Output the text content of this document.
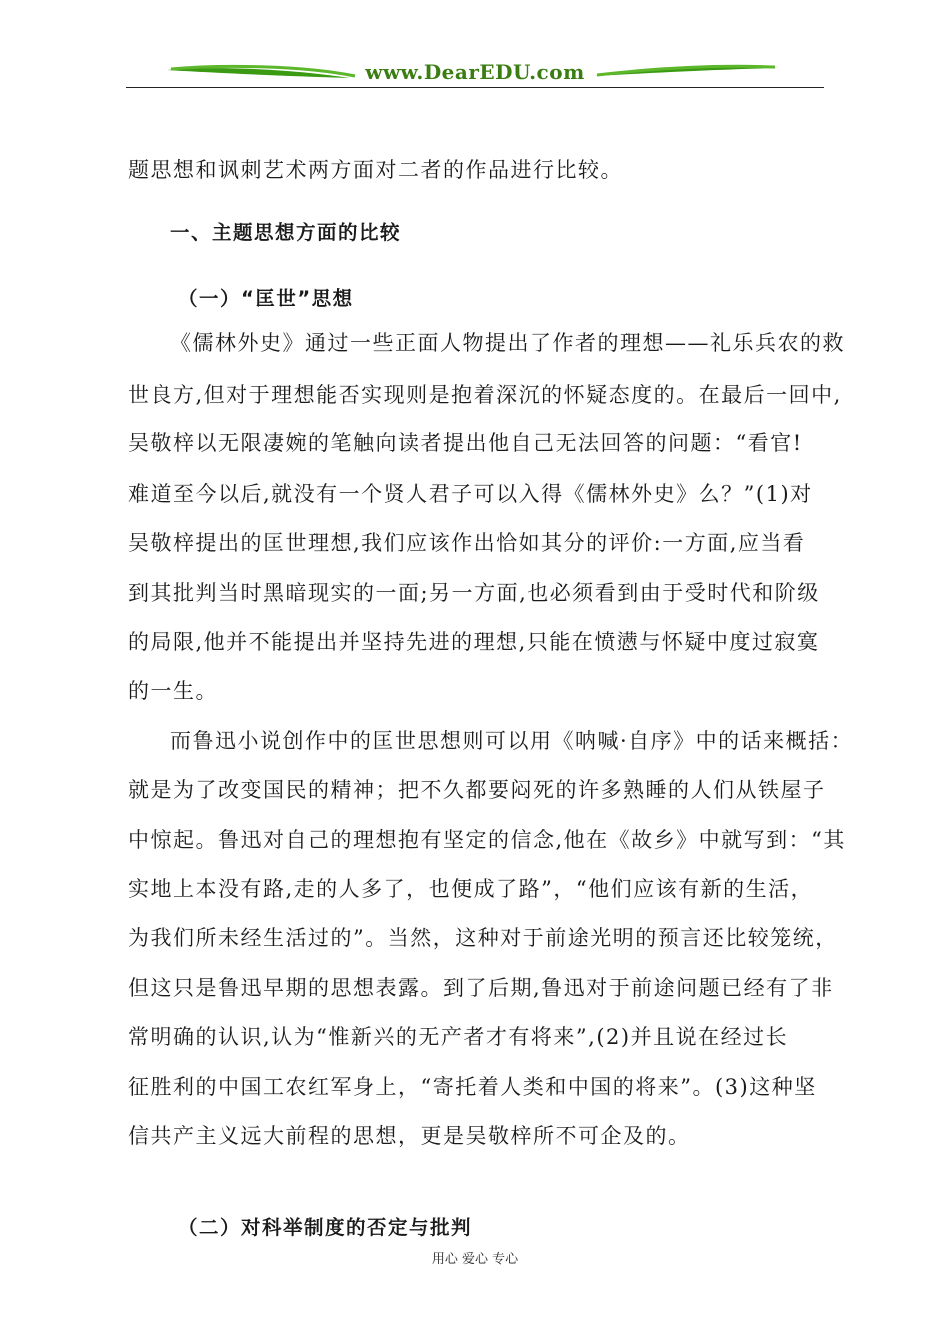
www.DearEDU.com
题思想和讽刺艺术两方面对二者的作品进行比较。
一、主题思想方面的比较
（一）“匡世”思想
《儒林外史》通过一些正面人物提出了作者的理想——礼乐兵农的救
世良方,但对于理想能否实现则是抱着深沉的怀疑态度的。在最后一回中,
吴敬梓以无限凄婉的笔触向读者提出他自己无法回答的问题：“看官!
难道至今以后,就没有一个贤人君子可以入得《儒林外史》么？”(1)对
吴敬梓提出的匡世理想,我们应该作出恰如其分的评价:一方面,应当看
到其批判当时黑暗现实的一面;另一方面,也必须看到由于受时代和阶级
的局限,他并不能提出并坚持先进的理想,只能在愤懑与怀疑中度过寂寞
的一生。
而鲁迅小说创作中的匡世思想则可以用《呐喊·自序》中的话来概括：
就是为了改变国民的精神；把不久都要闷死的许多熟睡的人们从铁屋子
中惊起。鲁迅对自己的理想抱有坚定的信念,他在《故乡》中就写到：“其
实地上本没有路,走的人多了，也便成了路”，“他们应该有新的生活，
为我们所未经生活过的”。当然，这种对于前途光明的预言还比较笼统，
但这只是鲁迅早期的思想表露。到了后期,鲁迅对于前途问题已经有了非
常明确的认识,认为“惟新兴的无产者才有将来”,(2)并且说在经过长
征胜利的中国工农红军身上，“寄托着人类和中国的将来”。(3)这种坚
信共产主义远大前程的思想，更是吴敬梓所不可企及的。
（二）对科举制度的否定与批判
用心 爱心 专心
